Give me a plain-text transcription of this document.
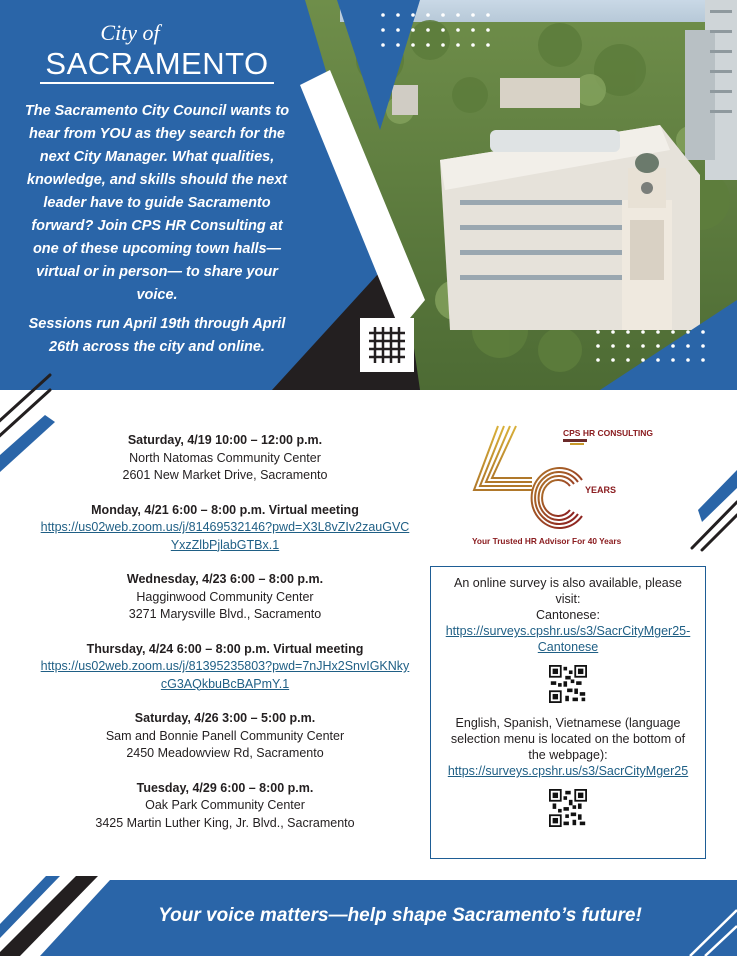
City of
SACRAMENTO

The Sacramento City Council wants to hear from YOU as they search for the next City Manager. What qualities, knowledge, and skills should the next leader have to guide Sacramento forward? Join CPS HR Consulting at one of these upcoming town halls—virtual or in person— to share your voice.

Sessions run April 19th through April 26th across the city and online.

Saturday, 4/19 10:00 – 12:00 p.m.
North Natomas Community Center
2601 New Market Drive, Sacramento
Monday, 4/21 6:00 – 8:00 p.m. Virtual meeting
https://us02web.zoom.us/j/81469532146?pwd=X3L8vZIv2zauGVCYxzZlbPjlabGTBx.1
Wednesday, 4/23 6:00 – 8:00 p.m.
Hagginwood Community Center
3271 Marysville Blvd., Sacramento
Thursday, 4/24 6:00 – 8:00 p.m. Virtual meeting
https://us02web.zoom.us/j/81395235803?pwd=7nJHx2SnvIGKNkycG3AQkbuBcBAPmY.1
Saturday, 4/26 3:00 – 5:00 p.m.
Sam and Bonnie Panell Community Center
2450 Meadowview Rd, Sacramento
Tuesday, 4/29 6:00 – 8:00 p.m.
Oak Park Community Center
3425 Martin Luther King, Jr. Blvd., Sacramento
CPS HR CONSULTING
YEARS
Your Trusted HR Advisor For 40 Years
An online survey is also available, please visit:
Cantonese:
https://surveys.cpshr.us/s3/SacrCityMger25-Cantonese
English, Spanish, Vietnamese (language selection menu is located on the bottom of the webpage):
https://surveys.cpshr.us/s3/SacrCityMger25
Your voice matters—help shape Sacramento’s future!
